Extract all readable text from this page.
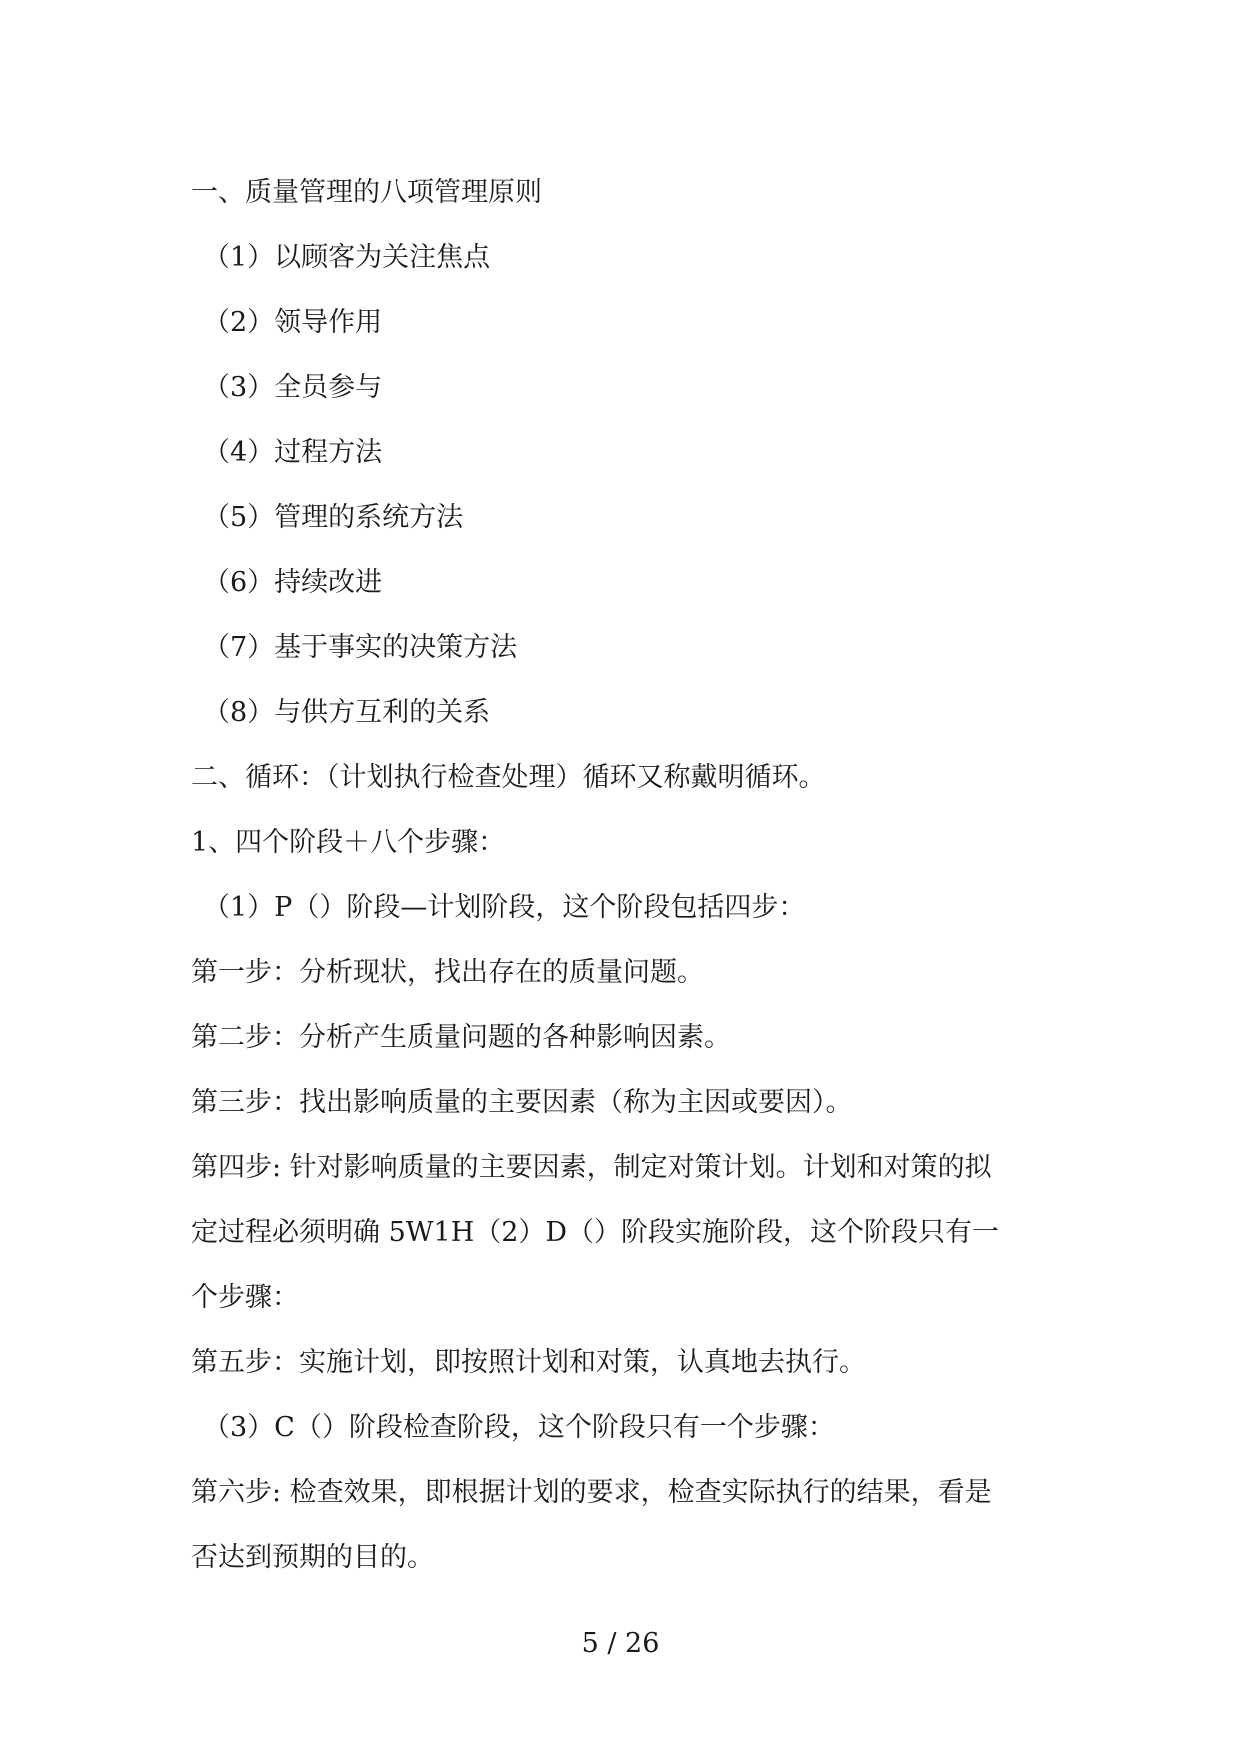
一、质量管理的八项管理原则
（1）以顾客为关注焦点
（2）领导作用
（3）全员参与
（4）过程方法
（5）管理的系统方法
（6）持续改进
（7）基于事实的决策方法
（8）与供方互利的关系
二、循环：（计划执行检查处理）循环又称戴明循环。
1、四个阶段＋八个步骤：
（1）P（）阶段—计划阶段，这个阶段包括四步：
第一步：分析现状，找出存在的质量问题。
第二步：分析产生质量问题的各种影响因素。
第三步：找出影响质量的主要因素（称为主因或要因）。
第四步: 针对影响质量的主要因素，制定对策计划。计划和对策的拟
定过程必须明确 5W1H（2）D（）阶段实施阶段，这个阶段只有一
个步骤：
第五步：实施计划，即按照计划和对策，认真地去执行。
（3）C（）阶段检查阶段，这个阶段只有一个步骤：
第六步: 检查效果，即根据计划的要求，检查实际执行的结果，看是
否达到预期的目的。
5 / 26
